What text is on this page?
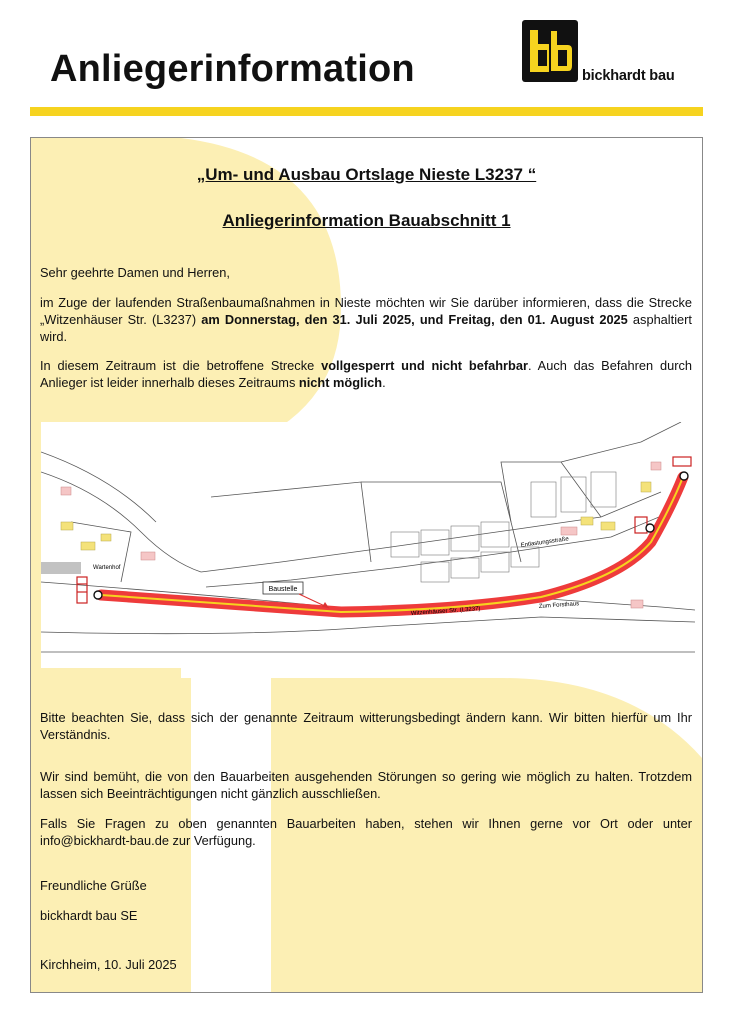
Anliegerinformation	bickhardt bau
„Um- und Ausbau Ortslage Nieste L3237 “
Anliegerinformation Bauabschnitt 1

Sehr geehrte Damen und Herren,

im Zuge der laufenden Straßenbaumaßnahmen in Nieste möchten wir Sie darüber informieren, dass die Strecke „Witzenhäuser Str. (L3237) am Donnerstag, den 31. Juli 2025, und Freitag, den 01. August 2025 asphaltiert wird.

In diesem Zeitraum ist die betroffene Strecke vollgesperrt und nicht befahrbar. Auch das Befahren durch Anlieger ist leider innerhalb dieses Zeitraums nicht möglich.

Baustelle
Witzenhäuser Str. (L3237)
Entlastungsstraße
Wartenhof
Zum Forsthaus

Bitte beachten Sie, dass sich der genannte Zeitraum witterungsbedingt ändern kann. Wir bitten hierfür um Ihr Verständnis.

Wir sind bemüht, die von den Bauarbeiten ausgehenden Störungen so gering wie möglich zu halten. Trotzdem lassen sich Beeinträchtigungen nicht gänzlich ausschließen.

Falls Sie Fragen zu oben genannten Bauarbeiten haben, stehen wir Ihnen gerne vor Ort oder unter info@bickhardt-bau.de zur Verfügung.

Freundliche Grüße

bickhardt bau SE

Kirchheim, 10. Juli 2025
